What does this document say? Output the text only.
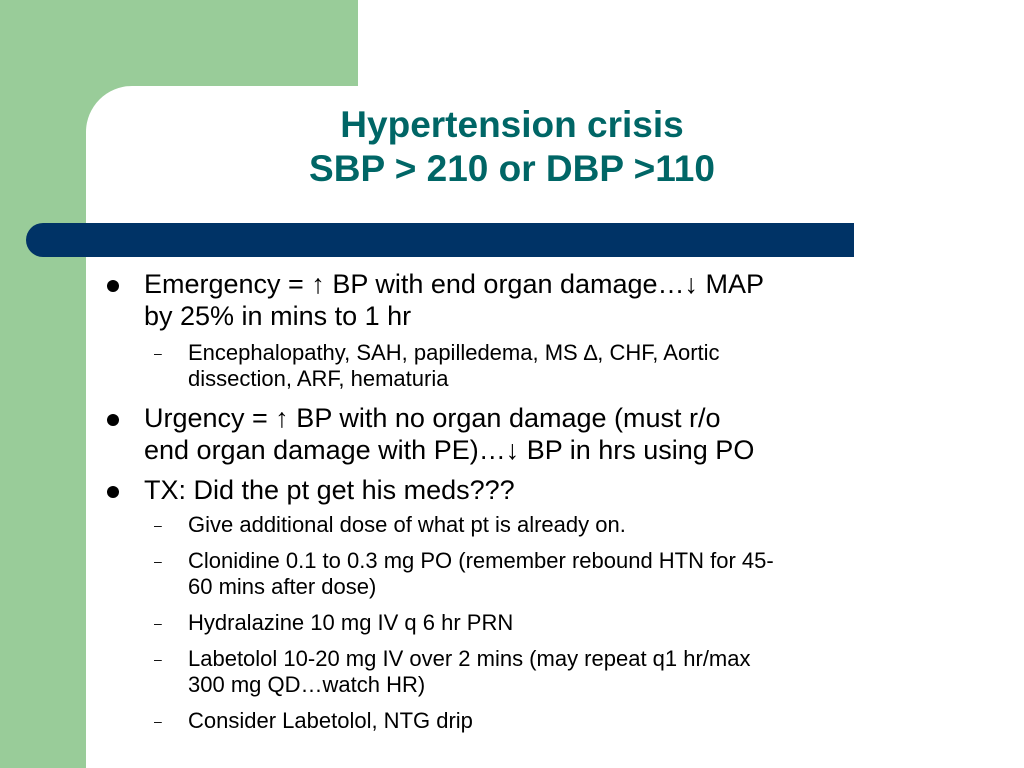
Hypertension crisis
SBP > 210 or DBP >110
Emergency = ↑ BP with end organ damage…↓ MAP
by 25% in mins to 1 hr
– Encephalopathy, SAH, papilledema, MS ∆, CHF, Aortic
dissection, ARF, hematuria
Urgency = ↑ BP with no organ damage (must r/o
end organ damage with PE)…↓ BP in hrs using PO
TX: Did the pt get his meds???
– Give additional dose of what pt is already on.
– Clonidine 0.1 to 0.3 mg PO (remember rebound HTN for 45-
60 mins after dose)
– Hydralazine 10 mg IV q 6 hr PRN
– Labetolol 10-20 mg IV over 2 mins (may repeat q1 hr/max
300 mg QD…watch HR)
– Consider Labetolol, NTG drip
